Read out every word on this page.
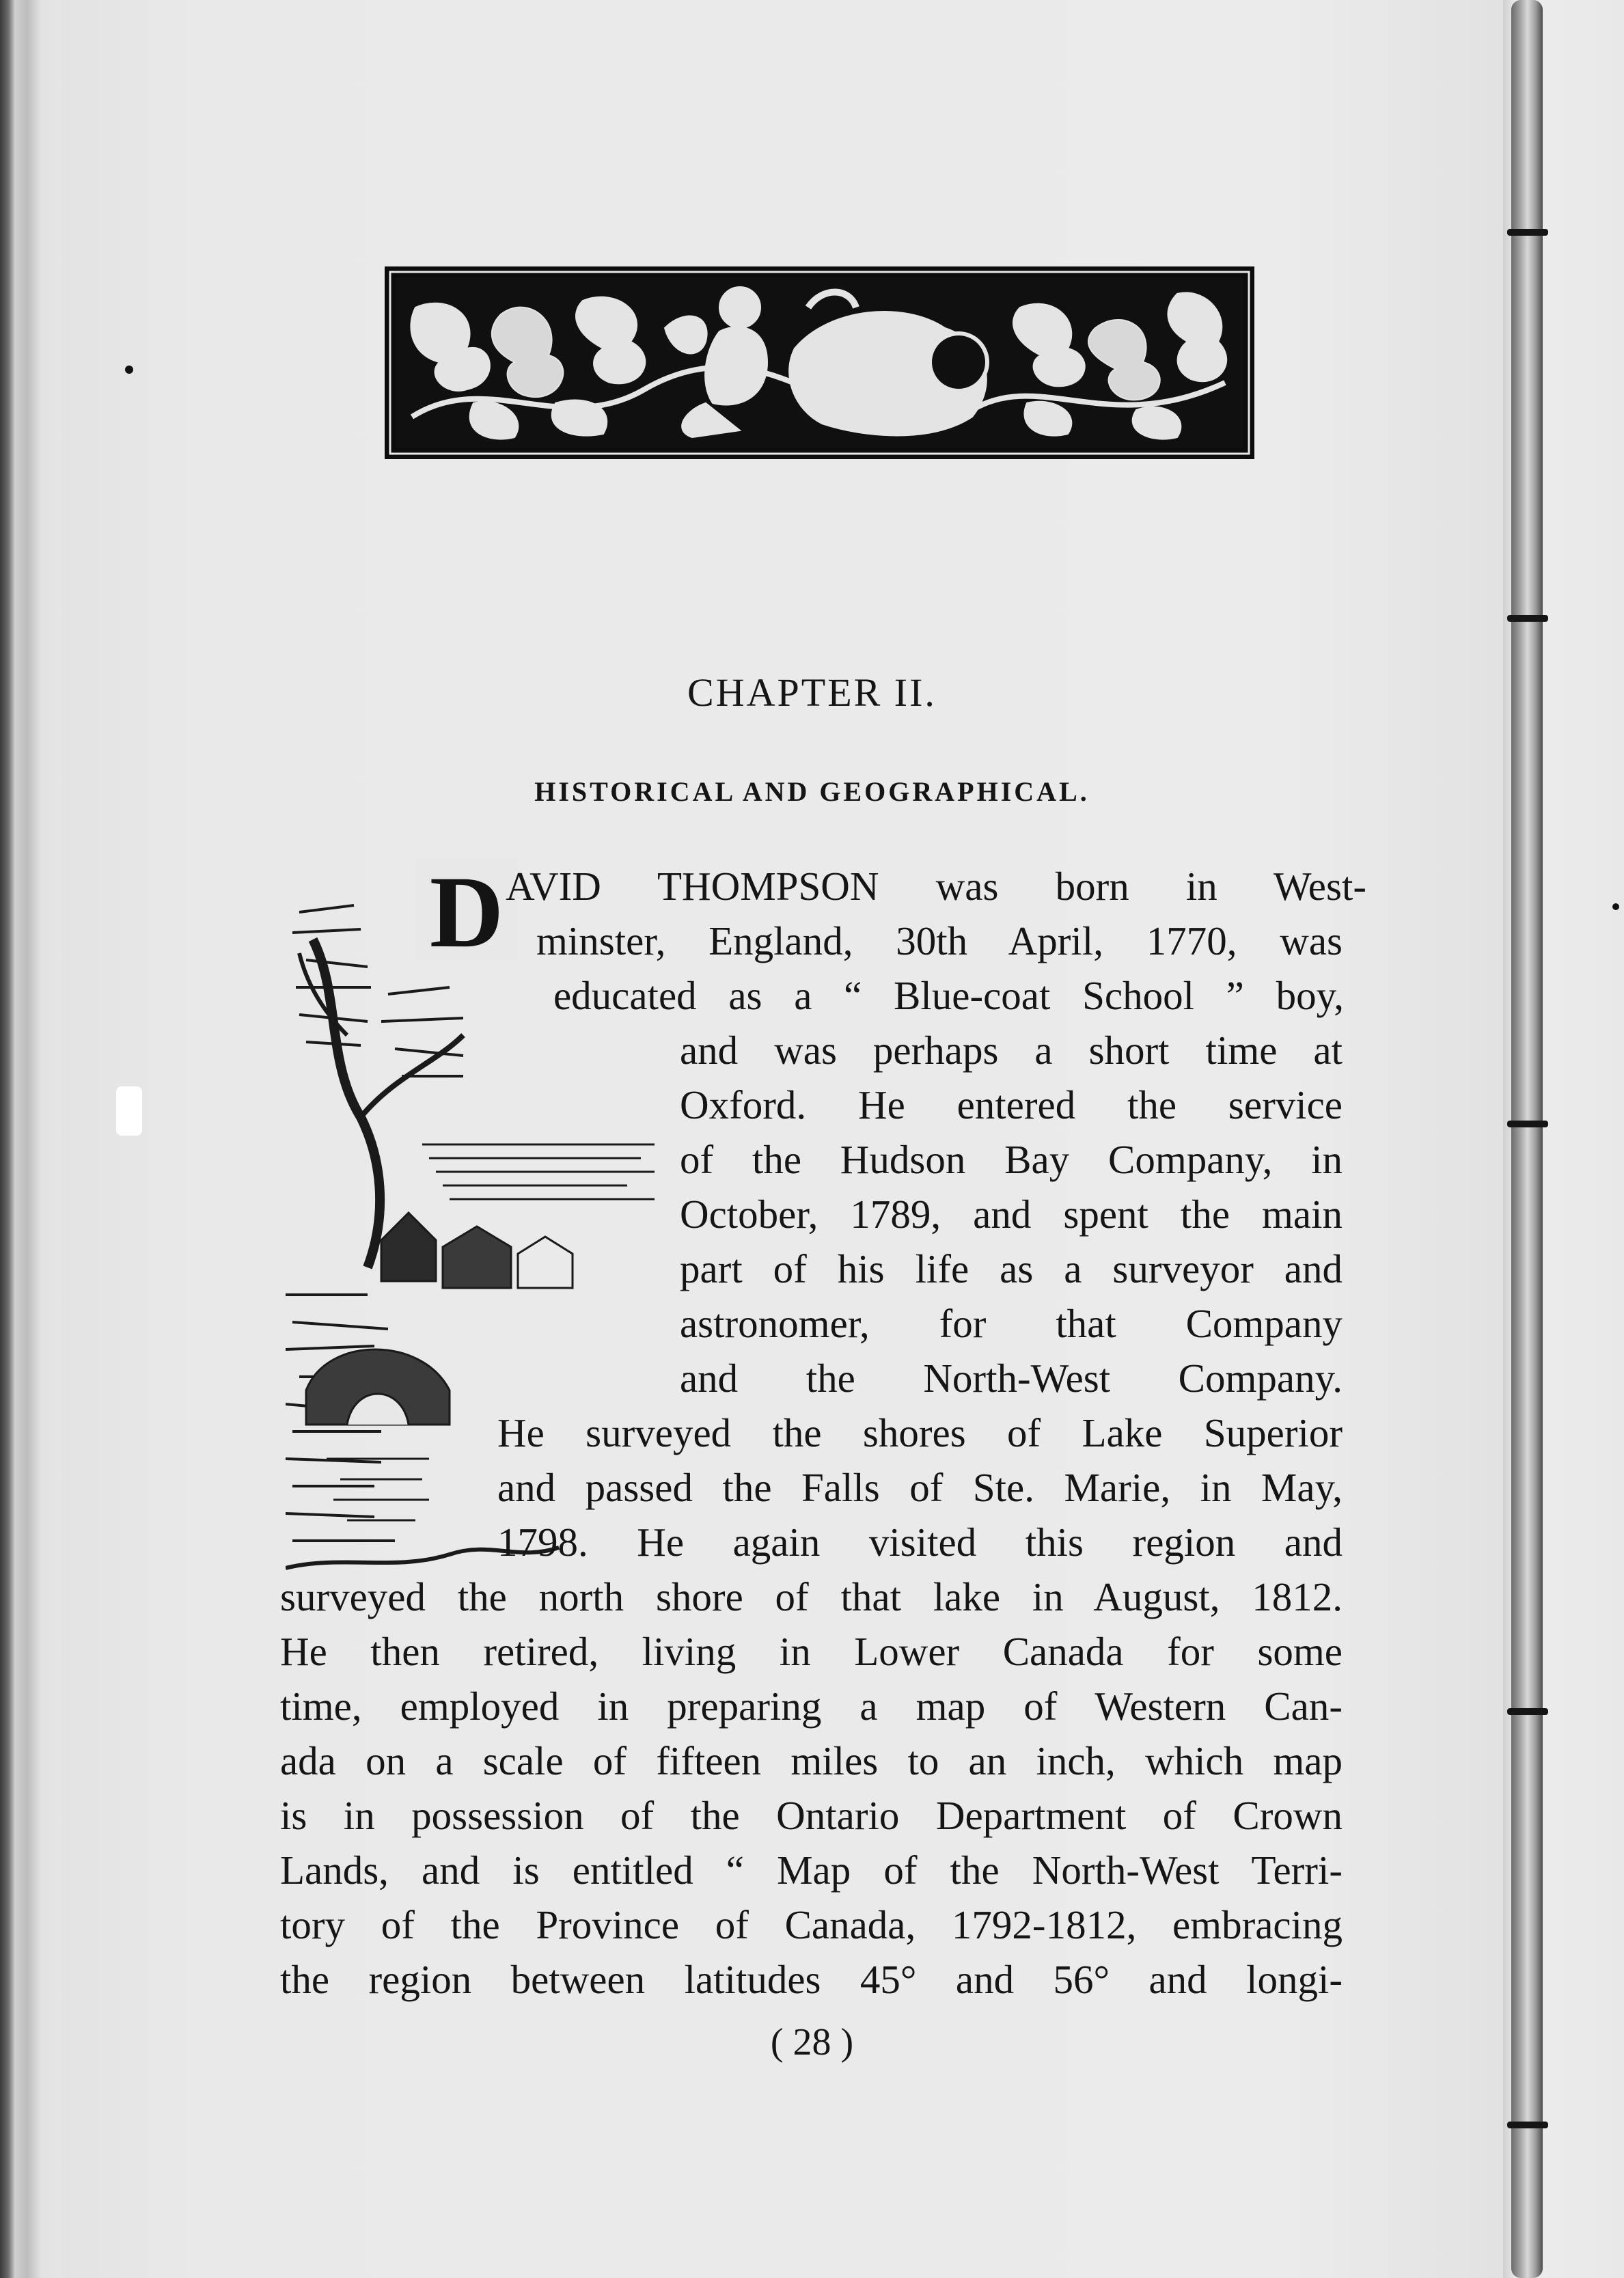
CHAPTER II.
HISTORICAL AND GEOGRAPHICAL.
D AVID THOMPSON was born in West-
minster, England, 30th April, 1770, was
educated as a “ Blue-coat School ” boy,
and was perhaps a short time at
Oxford. He entered the service
of the Hudson Bay Company, in
October, 1789, and spent the main
part of his life as a surveyor and
astronomer, for that Company
and the North-West Company.
He surveyed the shores of Lake Superior
and passed the Falls of Ste. Marie, in May,
1798. He again visited this region and
surveyed the north shore of that lake in August, 1812.
He then retired, living in Lower Canada for some
time, employed in preparing a map of Western Can-
ada on a scale of fifteen miles to an inch, which map
is in possession of the Ontario Department of Crown
Lands, and is entitled “ Map of the North-West Terri-
tory of the Province of Canada, 1792-1812, embracing
the region between latitudes 45° and 56° and longi-
( 28 )
